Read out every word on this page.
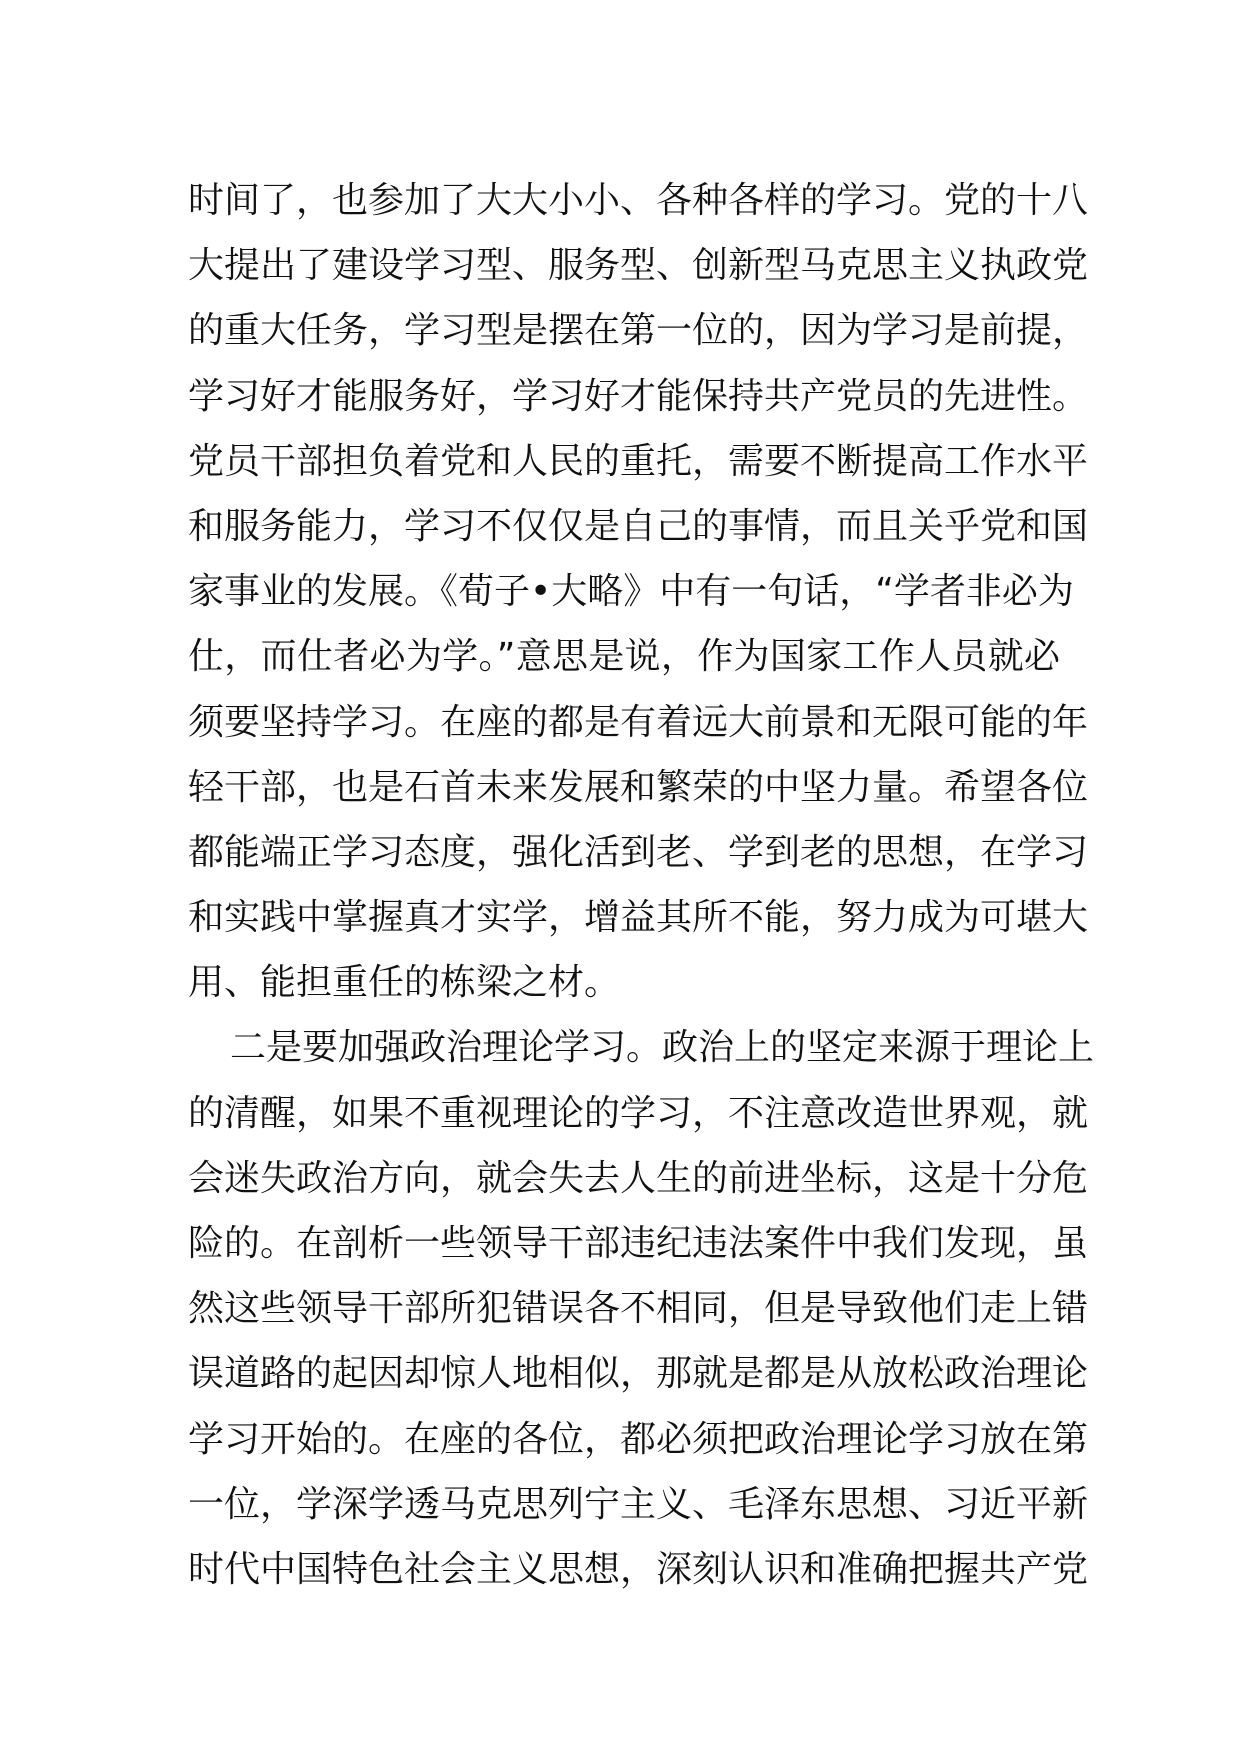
时间了，也参加了大大小小、各种各样的学习。党的十八
大提出了建设学习型、服务型、创新型马克思主义执政党
的重大任务，学习型是摆在第一位的，因为学习是前提，
学习好才能服务好，学习好才能保持共产党员的先进性。
党员干部担负着党和人民的重托，需要不断提高工作水平
和服务能力，学习不仅仅是自己的事情，而且关乎党和国
家事业的发展。《荀子•大略》中有一句话，“学者非必为
仕，而仕者必为学。”意思是说，作为国家工作人员就必
须要坚持学习。在座的都是有着远大前景和无限可能的年
轻干部，也是石首未来发展和繁荣的中坚力量。希望各位
都能端正学习态度，强化活到老、学到老的思想，在学习
和实践中掌握真才实学，增益其所不能，努力成为可堪大
用、能担重任的栋梁之材。
二是要加强政治理论学习。政治上的坚定来源于理论上
的清醒，如果不重视理论的学习，不注意改造世界观，就
会迷失政治方向，就会失去人生的前进坐标，这是十分危
险的。在剖析一些领导干部违纪违法案件中我们发现，虽
然这些领导干部所犯错误各不相同，但是导致他们走上错
误道路的起因却惊人地相似，那就是都是从放松政治理论
学习开始的。在座的各位，都必须把政治理论学习放在第
一位，学深学透马克思列宁主义、毛泽东思想、习近平新
时代中国特色社会主义思想，深刻认识和准确把握共产党
